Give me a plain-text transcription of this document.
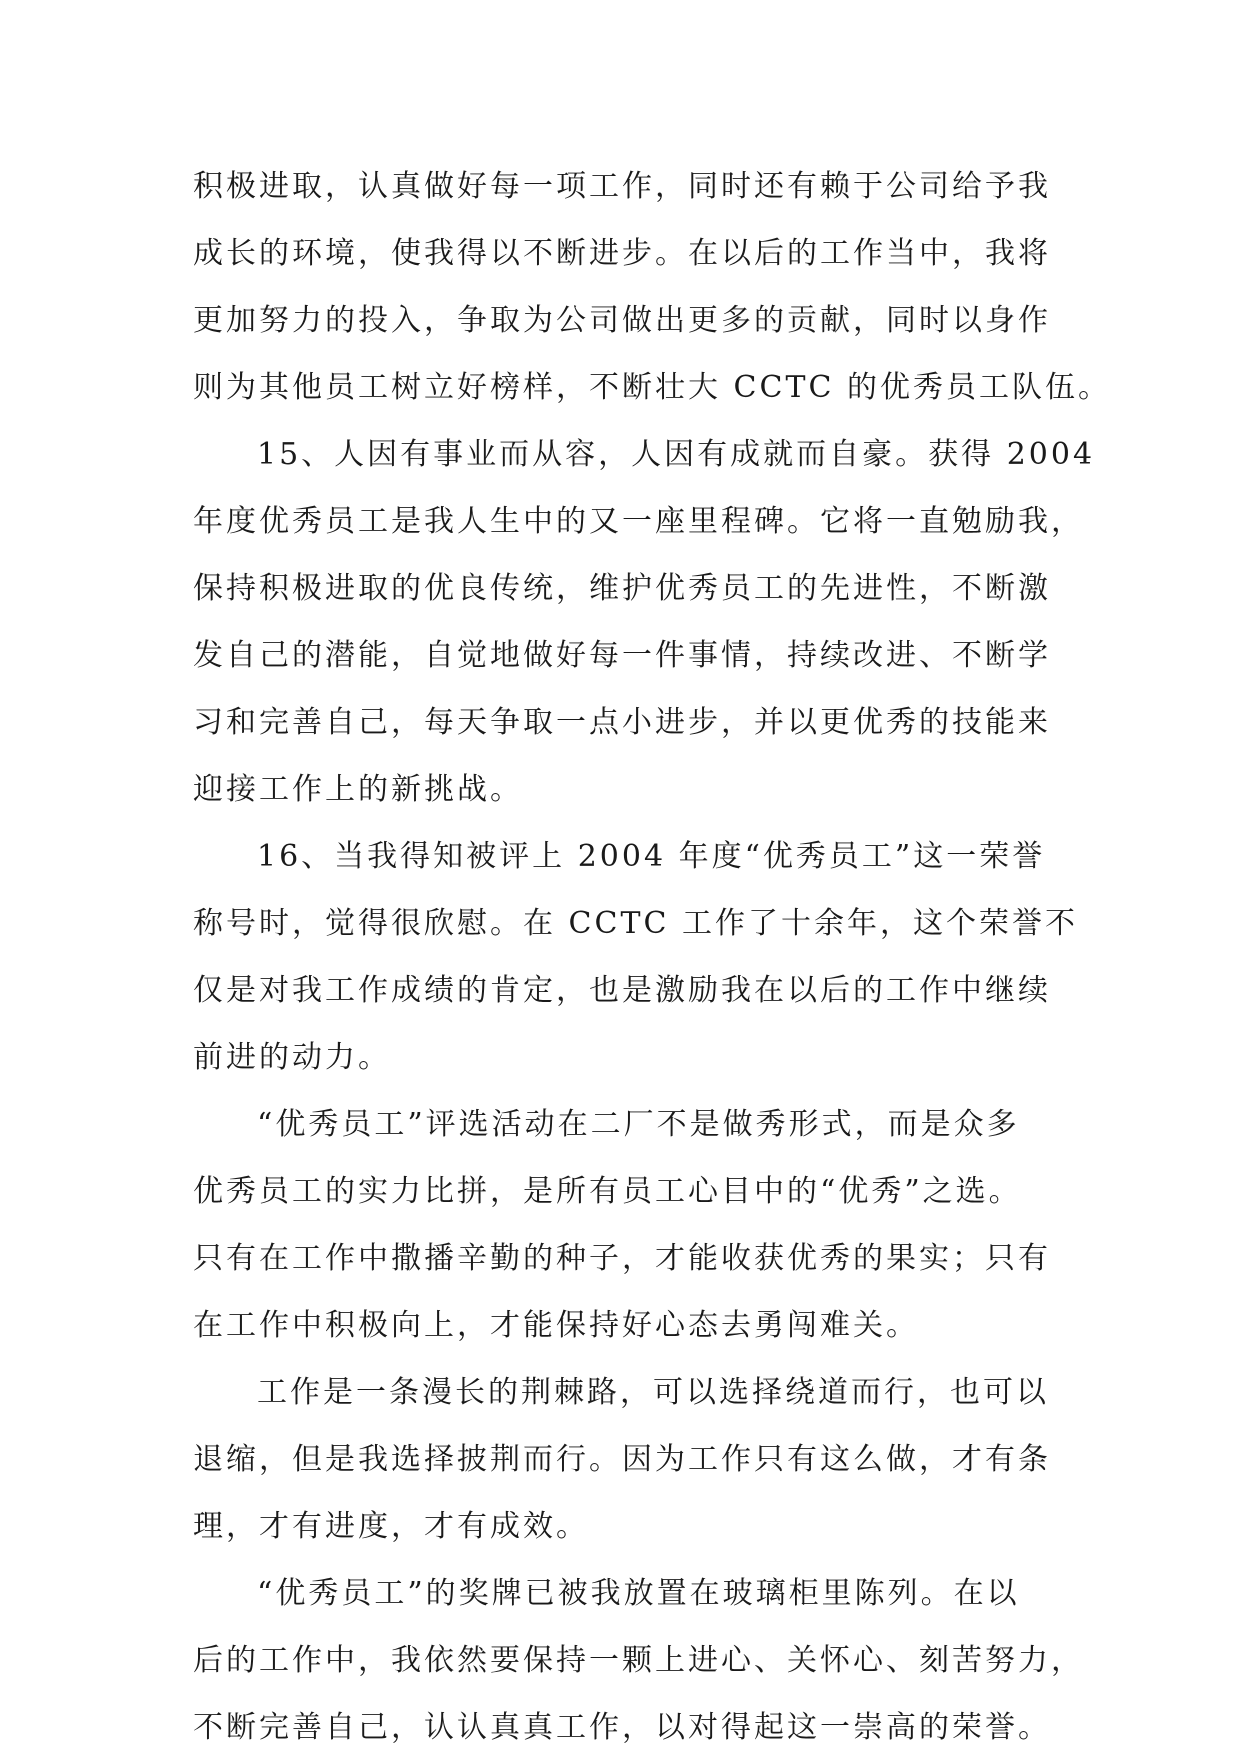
积极进取，认真做好每一项工作，同时还有赖于公司给予我
成长的环境，使我得以不断进步。在以后的工作当中，我将
更加努力的投入，争取为公司做出更多的贡献，同时以身作
则为其他员工树立好榜样，不断壮大 CCTC 的优秀员工队伍。
15、人因有事业而从容，人因有成就而自豪。获得 2004
年度优秀员工是我人生中的又一座里程碑。它将一直勉励我，
保持积极进取的优良传统，维护优秀员工的先进性，不断激
发自己的潜能，自觉地做好每一件事情，持续改进、不断学
习和完善自己，每天争取一点小进步，并以更优秀的技能来
迎接工作上的新挑战。
16、当我得知被评上 2004 年度“优秀员工”这一荣誉
称号时，觉得很欣慰。在 CCTC 工作了十余年，这个荣誉不
仅是对我工作成绩的肯定，也是激励我在以后的工作中继续
前进的动力。
“优秀员工”评选活动在二厂不是做秀形式，而是众多
优秀员工的实力比拼，是所有员工心目中的“优秀”之选。
只有在工作中撒播辛勤的种子，才能收获优秀的果实；只有
在工作中积极向上，才能保持好心态去勇闯难关。
工作是一条漫长的荆棘路，可以选择绕道而行，也可以
退缩，但是我选择披荆而行。因为工作只有这么做，才有条
理，才有进度，才有成效。
“优秀员工”的奖牌已被我放置在玻璃柜里陈列。在以
后的工作中，我依然要保持一颗上进心、关怀心、刻苦努力，
不断完善自己，认认真真工作，以对得起这一崇高的荣誉。
